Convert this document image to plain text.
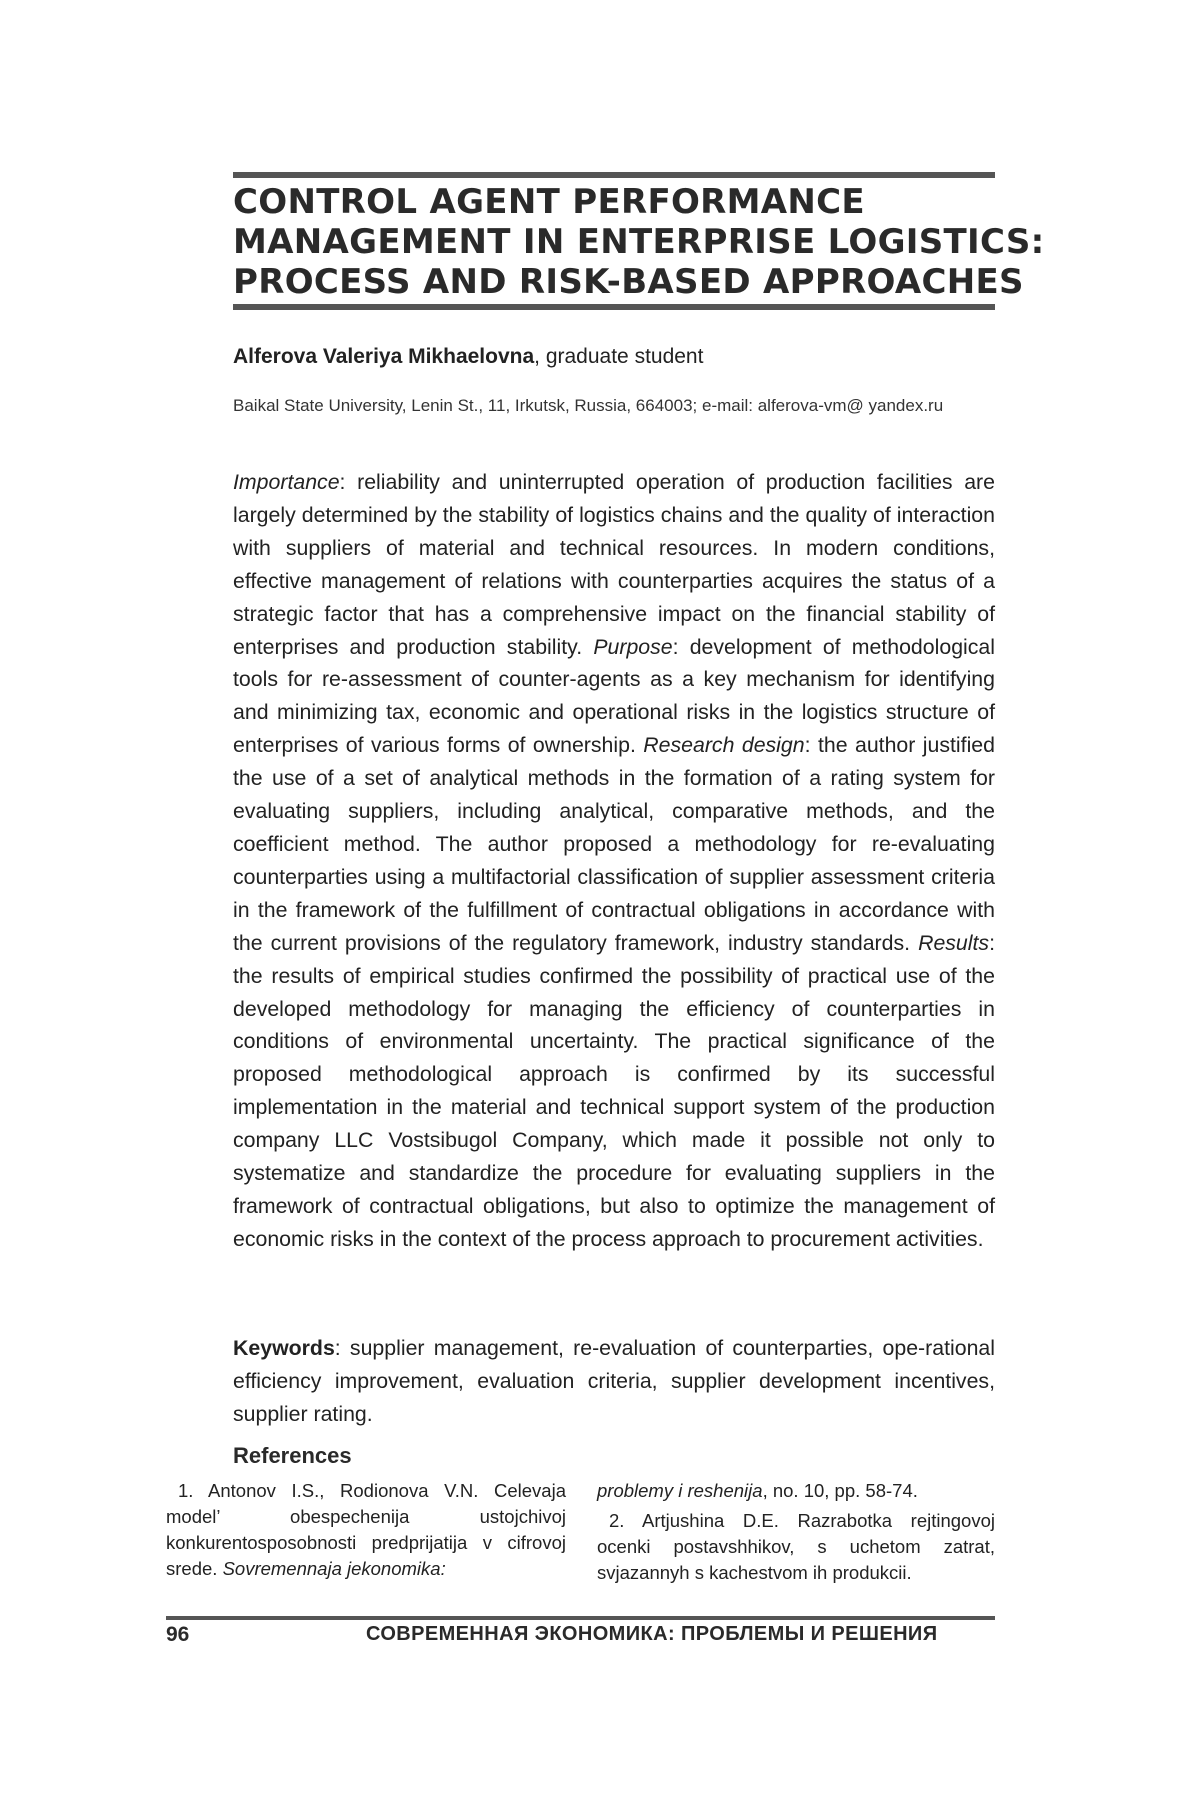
CONTROL AGENT PERFORMANCE
MANAGEMENT IN ENTERPRISE LOGISTICS:
PROCESS AND RISK-BASED APPROACHES
Alferova Valeriya Mikhaelovna, graduate student
Baikal State University, Lenin St., 11, Irkutsk, Russia, 664003; e-mail: alferova-vm@ yandex.ru

Importance: reliability and uninterrupted operation of production facilities are largely determined by the stability of logistics chains and the quality of interaction with suppliers of material and technical resources. In modern conditions, effective management of relations with counterparties acquires the status of a strategic factor that has a comprehensive impact on the financial stability of enterprises and production stability. Purpose: development of methodological tools for re-assessment of counter-agents as a key mechanism for identifying and minimizing tax, economic and operational risks in the logistics structure of enterprises of various forms of ownership. Research design: the author justified the use of a set of analytical methods in the formation of a rating system for evaluating suppliers, including analytical, comparative methods, and the coefficient method. The author proposed a methodology for re-evaluating counterparties using a multifactorial classification of supplier assessment criteria in the framework of the fulfillment of contractual obligations in accordance with the current provisions of the regulatory framework, industry standards. Results: the results of empirical studies confirmed the possibility of practical use of the developed methodology for managing the efficiency of counterparties in conditions of environmental uncertainty. The practical significance of the proposed methodological approach is confirmed by its successful implementation in the material and technical support system of the production company LLC Vostsibugol Company, which made it possible not only to systematize and standardize the procedure for evaluating suppliers in the framework of contractual obligations, but also to optimize the management of economic risks in the context of the process approach to procurement activities.

Keywords: supplier management, re-evaluation of counterparties, ope-rational efficiency improvement, evaluation criteria, supplier development incentives, supplier rating.

References

1. Antonov I.S., Rodionova V.N. Celevaja model’ obespechenija ustojchivoj konkurentosposobnosti predprijatija v cifrovoj srede. Sovremennaja jekonomika:

problemy i reshenija, no. 10, pp. 58-74.

2. Artjushina D.E. Razrabotka rejtingovoj ocenki postavshhikov, s uchetom zatrat, svjazannyh s kachestvom ih produkcii.

96	СОВРЕМЕННАЯ ЭКОНОМИКА: ПРОБЛЕМЫ И РЕШЕНИЯ
